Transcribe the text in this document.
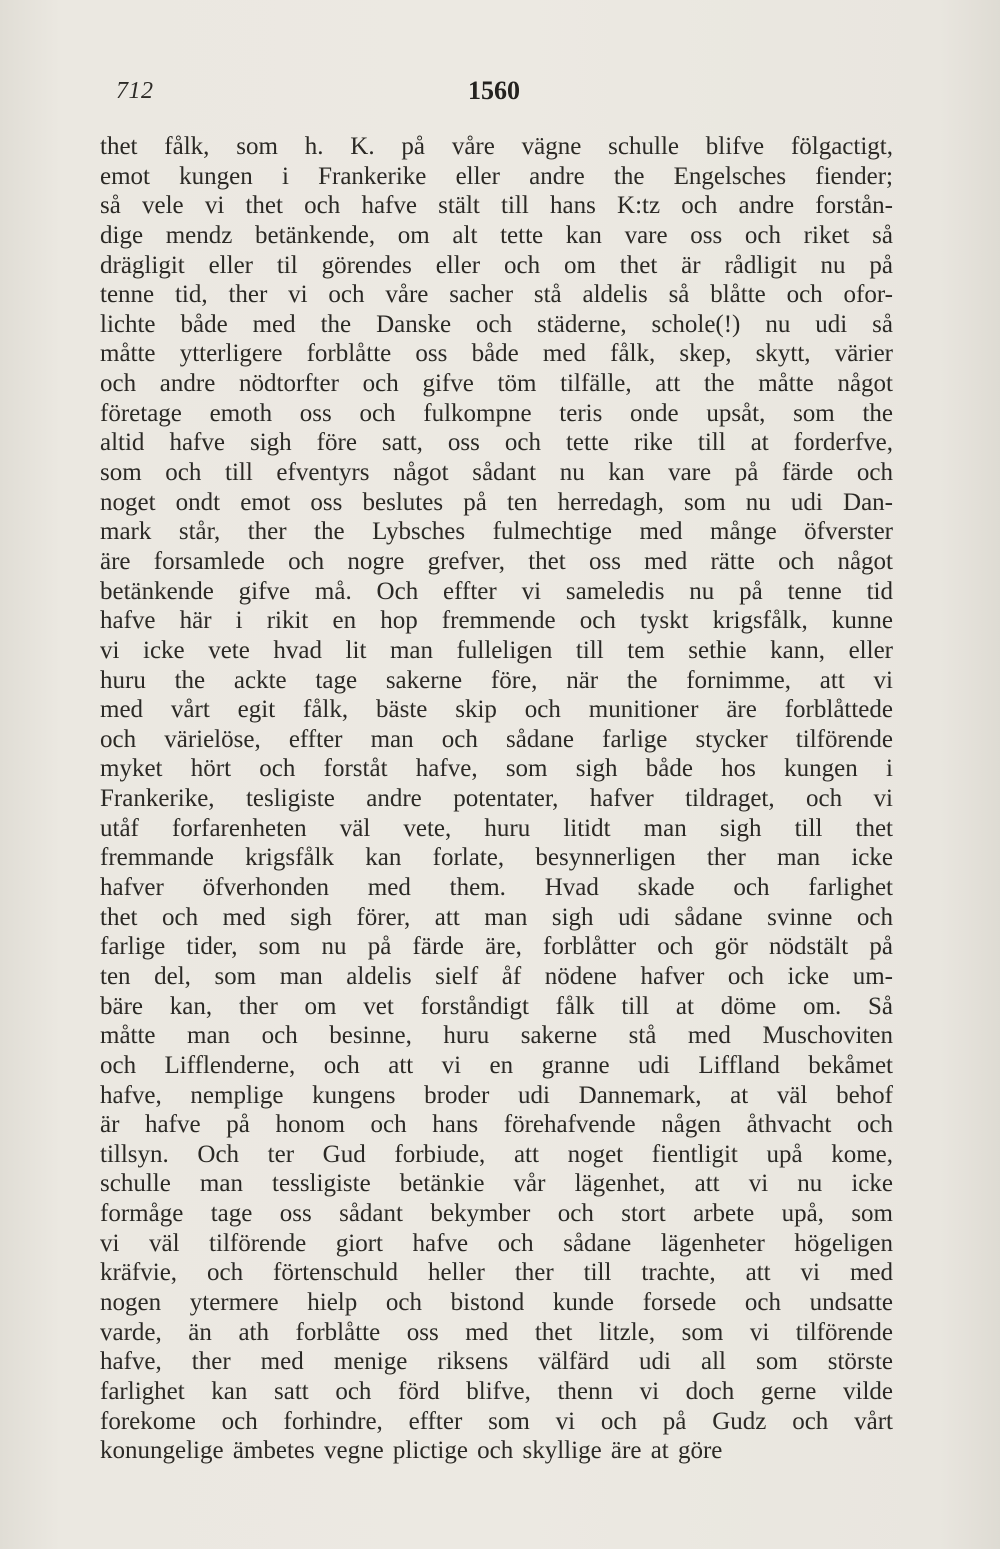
712	1560
thet fålk, som h. K. på våre vägne schulle blifve fölgactigt,
emot kungen i Frankerike eller andre the Engelsches fiender;
så vele vi thet och hafve stält till hans K:tz och andre forstån-
dige mendz betänkende, om alt tette kan vare oss och riket så
drägligit eller til görendes eller och om thet är rådligit nu på
tenne tid, ther vi och våre sacher stå aldelis så blåtte och ofor-
lichte både med the Danske och städerne, schole(!) nu udi så
måtte ytterligere forblåtte oss både med fålk, skep, skytt, värier
och andre nödtorfter och gifve töm tilfälle, att the måtte något
företage emoth oss och fulkompne teris onde upsåt, som the
altid hafve sigh före satt, oss och tette rike till at forderfve,
som och till efventyrs något sådant nu kan vare på färde och
noget ondt emot oss beslutes på ten herredagh, som nu udi Dan-
mark står, ther the Lybsches fulmechtige med månge öfverster
äre forsamlede och nogre grefver, thet oss med rätte och något
betänkende gifve må. Och effter vi sameledis nu på tenne tid
hafve här i rikit en hop fremmende och tyskt krigsfålk, kunne
vi icke vete hvad lit man fulleligen till tem sethie kann, eller
huru the ackte tage sakerne före, när the fornimme, att vi
med vårt egit fålk, bäste skip och munitioner äre forblåttede
och värielöse, effter man och sådane farlige stycker tilförende
myket hört och forståt hafve, som sigh både hos kungen i
Frankerike, tesligiste andre potentater, hafver tildraget, och vi
utåf forfarenheten väl vete, huru litidt man sigh till thet
fremmande krigsfålk kan forlate, besynnerligen ther man icke
hafver öfverhonden med them. Hvad skade och farlighet
thet och med sigh förer, att man sigh udi sådane svinne och
farlige tider, som nu på färde äre, forblåtter och gör nödstält på
ten del, som man aldelis sielf åf nödene hafver och icke um-
bäre kan, ther om vet forståndigt fålk till at döme om. Så
måtte man och besinne, huru sakerne stå med Muschoviten
och Lifflenderne, och att vi en granne udi Liffland bekåmet
hafve, nemplige kungens broder udi Dannemark, at väl behof
är hafve på honom och hans förehafvende någen åthvacht och
tillsyn. Och ter Gud forbiude, att noget fientligit upå kome,
schulle man tessligiste betänkie vår lägenhet, att vi nu icke
formåge tage oss sådant bekymber och stort arbete upå, som
vi väl tilförende giort hafve och sådane lägenheter högeligen
kräfvie, och förtenschuld heller ther till trachte, att vi med
nogen ytermere hielp och bistond kunde forsede och undsatte
varde, än ath forblåtte oss med thet litzle, som vi tilförende
hafve, ther med menige riksens välfärd udi all som störste
farlighet kan satt och förd blifve, thenn vi doch gerne vilde
forekome och forhindre, effter som vi och på Gudz och vårt
konungelige ämbetes vegne plictige och skyllige äre at göre
